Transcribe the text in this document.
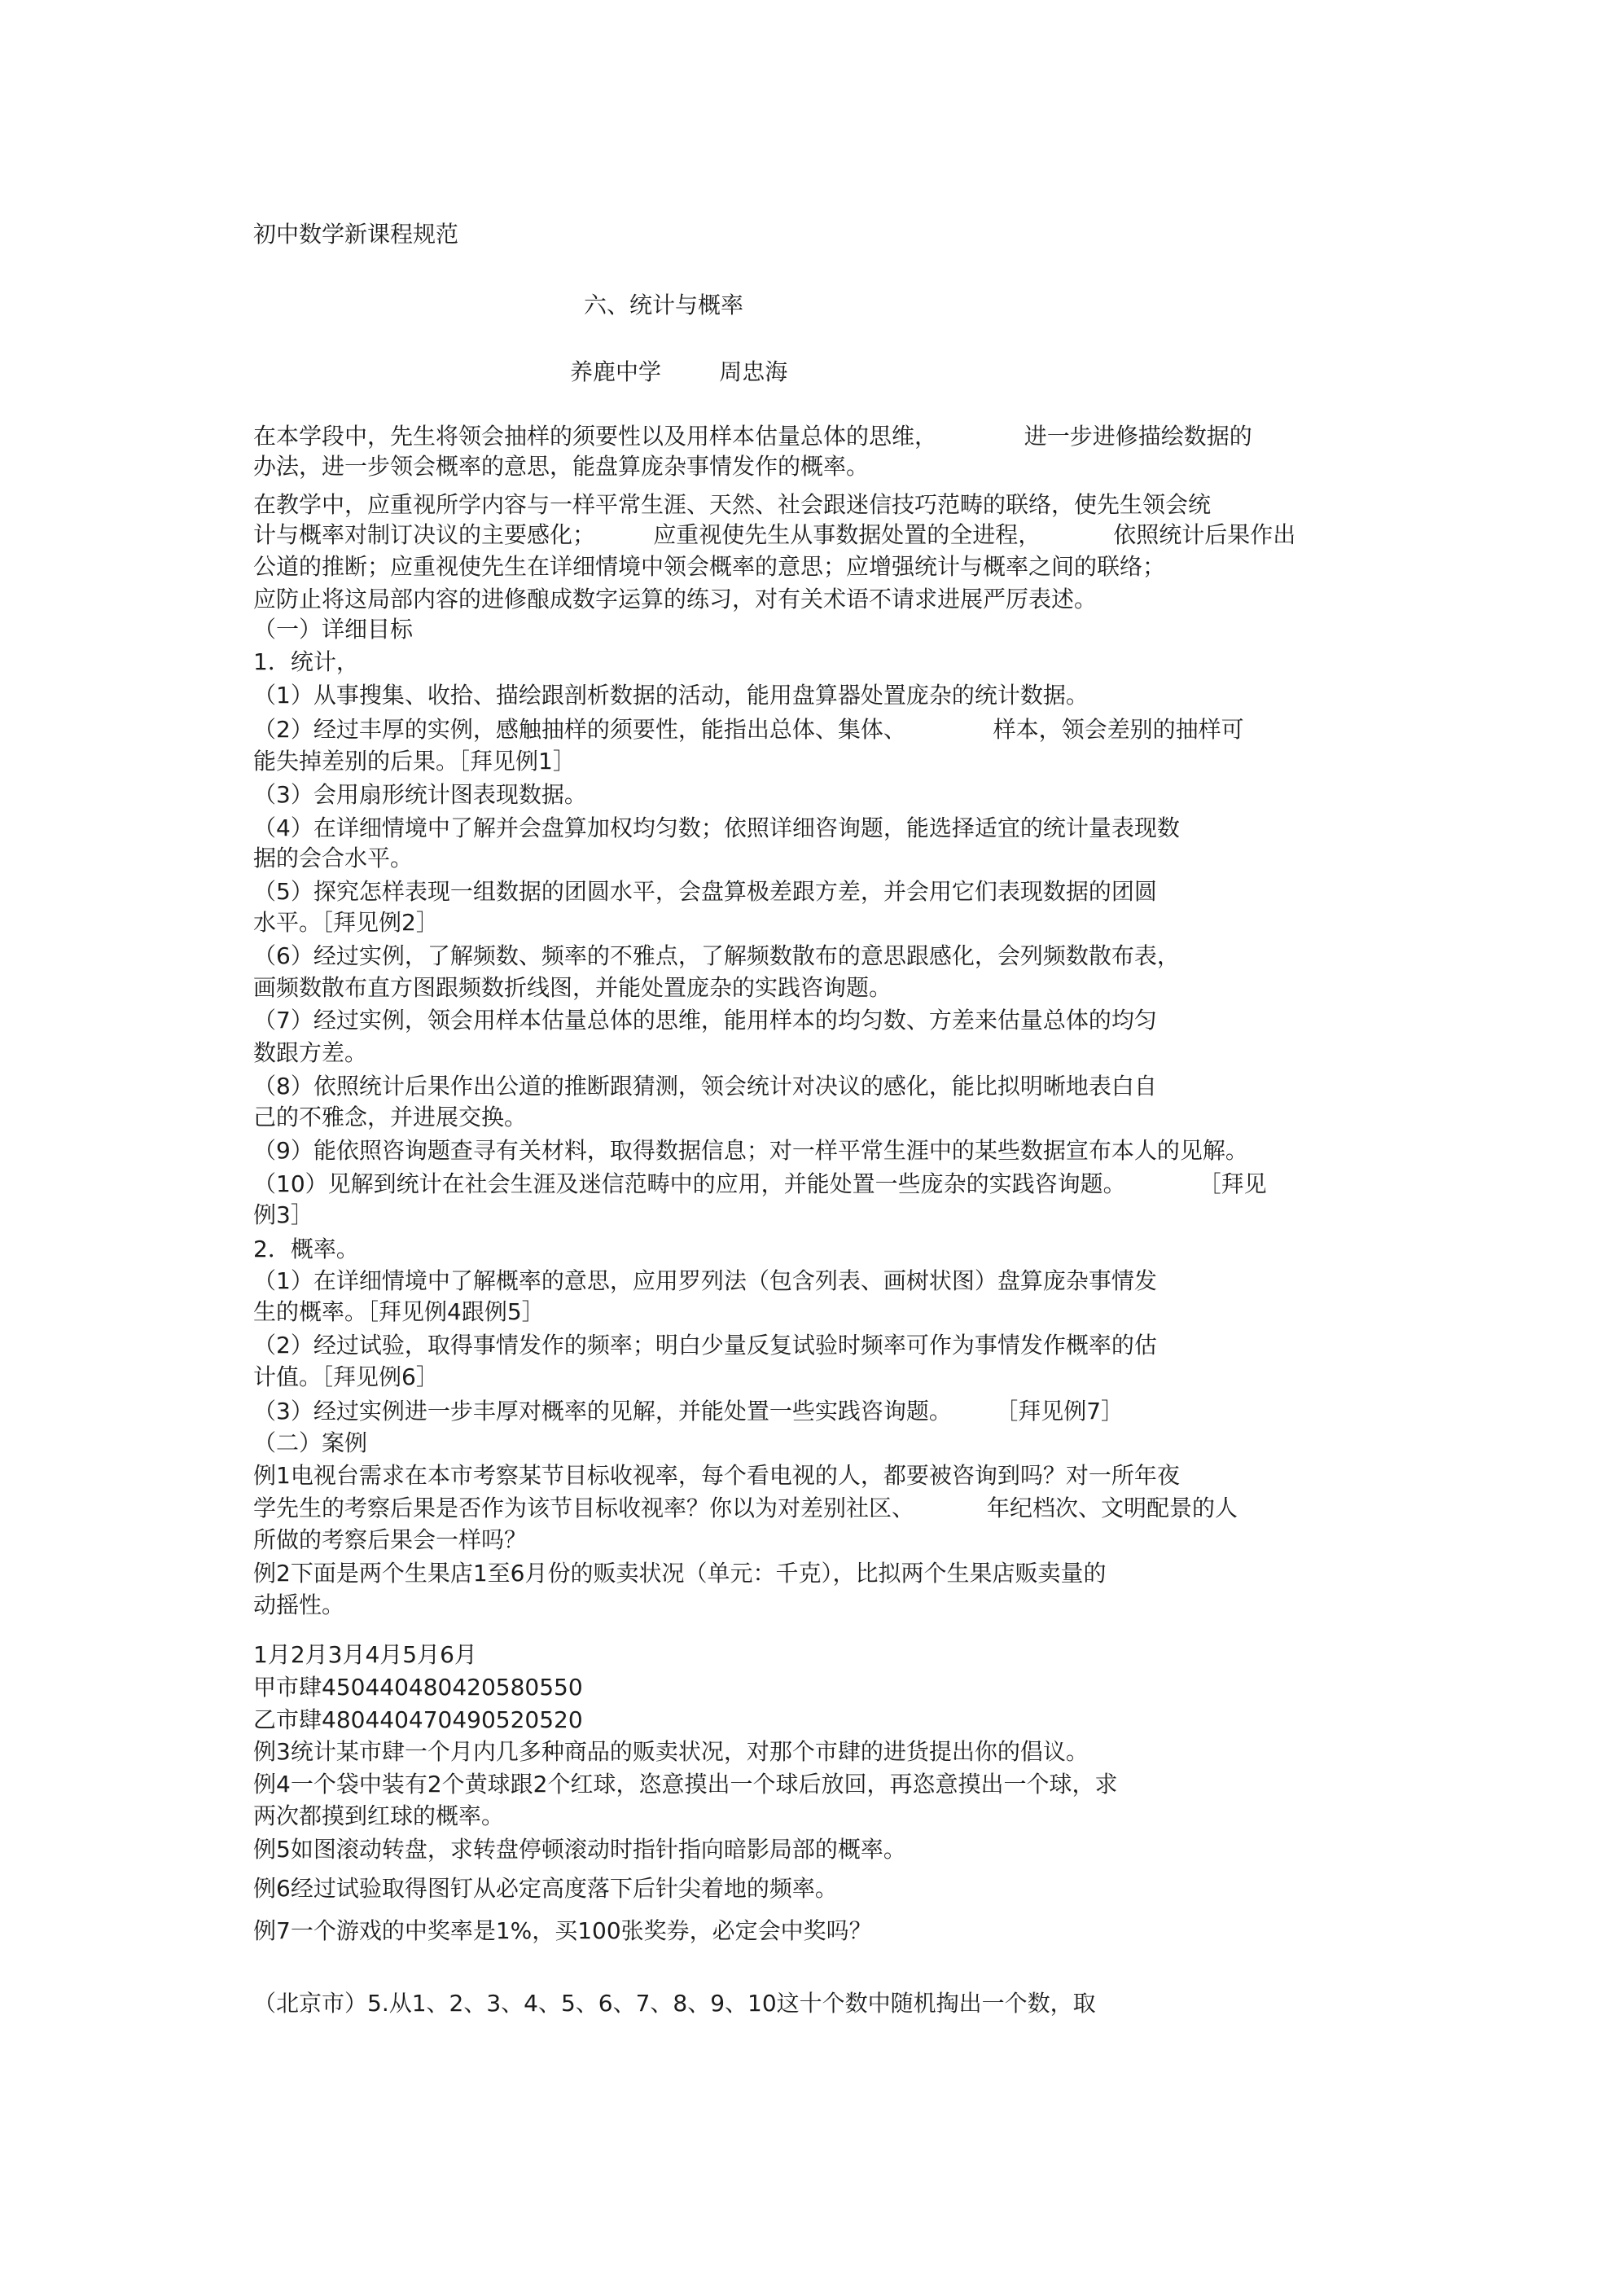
初中数学新课程规范
六、统计与概率
养鹿中学        周忠海
在本学段中，先生将领会抽样的须要性以及用样本估量总体的思维，            进一步进修描绘数据的
办法，进一步领会概率的意思，能盘算庞杂事情发作的概率。
在教学中，应重视所学内容与一样平常生涯、天然、社会跟迷信技巧范畴的联络，使先生领会统
计与概率对制订决议的主要感化；        应重视使先生从事数据处置的全进程，          依照统计后果作出
公道的推断；应重视使先生在详细情境中领会概率的意思；应增强统计与概率之间的联络；
应防止将这局部内容的进修酿成数字运算的练习，对有关术语不请求进展严厉表述。
（一）详细目标
1．统计，
（1）从事搜集、收拾、描绘跟剖析数据的活动，能用盘算器处置庞杂的统计数据。
（2）经过丰厚的实例，感触抽样的须要性，能指出总体、集体、            样本，领会差别的抽样可
能失掉差别的后果。［拜见例1］
（3）会用扇形统计图表现数据。
（4）在详细情境中了解并会盘算加权均匀数；依照详细咨询题，能选择适宜的统计量表现数
据的会合水平。
（5）探究怎样表现一组数据的团圆水平，会盘算极差跟方差，并会用它们表现数据的团圆
水平。［拜见例2］
（6）经过实例，了解频数、频率的不雅点，了解频数散布的意思跟感化，会列频数散布表，
画频数散布直方图跟频数折线图，并能处置庞杂的实践咨询题。
（7）经过实例，领会用样本估量总体的思维，能用样本的均匀数、方差来估量总体的均匀
数跟方差。
（8）依照统计后果作出公道的推断跟猜测，领会统计对决议的感化，能比拟明晰地表白自
己的不雅念，并进展交换。
（9）能依照咨询题查寻有关材料，取得数据信息；对一样平常生涯中的某些数据宣布本人的见解。
（10）见解到统计在社会生涯及迷信范畴中的应用，并能处置一些庞杂的实践咨询题。          ［拜见
例3］
2．概率。
（1）在详细情境中了解概率的意思，应用罗列法（包含列表、画树状图）盘算庞杂事情发
生的概率。［拜见例4跟例5］
（2）经过试验，取得事情发作的频率；明白少量反复试验时频率可作为事情发作概率的估
计值。［拜见例6］
（3）经过实例进一步丰厚对概率的见解，并能处置一些实践咨询题。      ［拜见例7］
（二）案例
例1电视台需求在本市考察某节目标收视率，每个看电视的人，都要被咨询到吗？对一所年夜
学先生的考察后果是否作为该节目标收视率？你以为对差别社区、          年纪档次、文明配景的人
所做的考察后果会一样吗？
例2下面是两个生果店1至6月份的贩卖状况（单元：千克），比拟两个生果店贩卖量的
动摇性。
1月2月3月4月5月6月
甲市肆450440480420580550
乙市肆480440470490520520
例3统计某市肆一个月内几多种商品的贩卖状况，对那个市肆的进货提出你的倡议。
例4一个袋中装有2个黄球跟2个红球，恣意摸出一个球后放回，再恣意摸出一个球，求
两次都摸到红球的概率。
例5如图滚动转盘，求转盘停顿滚动时指针指向暗影局部的概率。
例6经过试验取得图钉从必定高度落下后针尖着地的频率。
例7一个游戏的中奖率是1%，买100张奖券，必定会中奖吗？
（北京市）5.从1、2、3、4、5、6、7、8、9、10这十个数中随机掏出一个数，取
